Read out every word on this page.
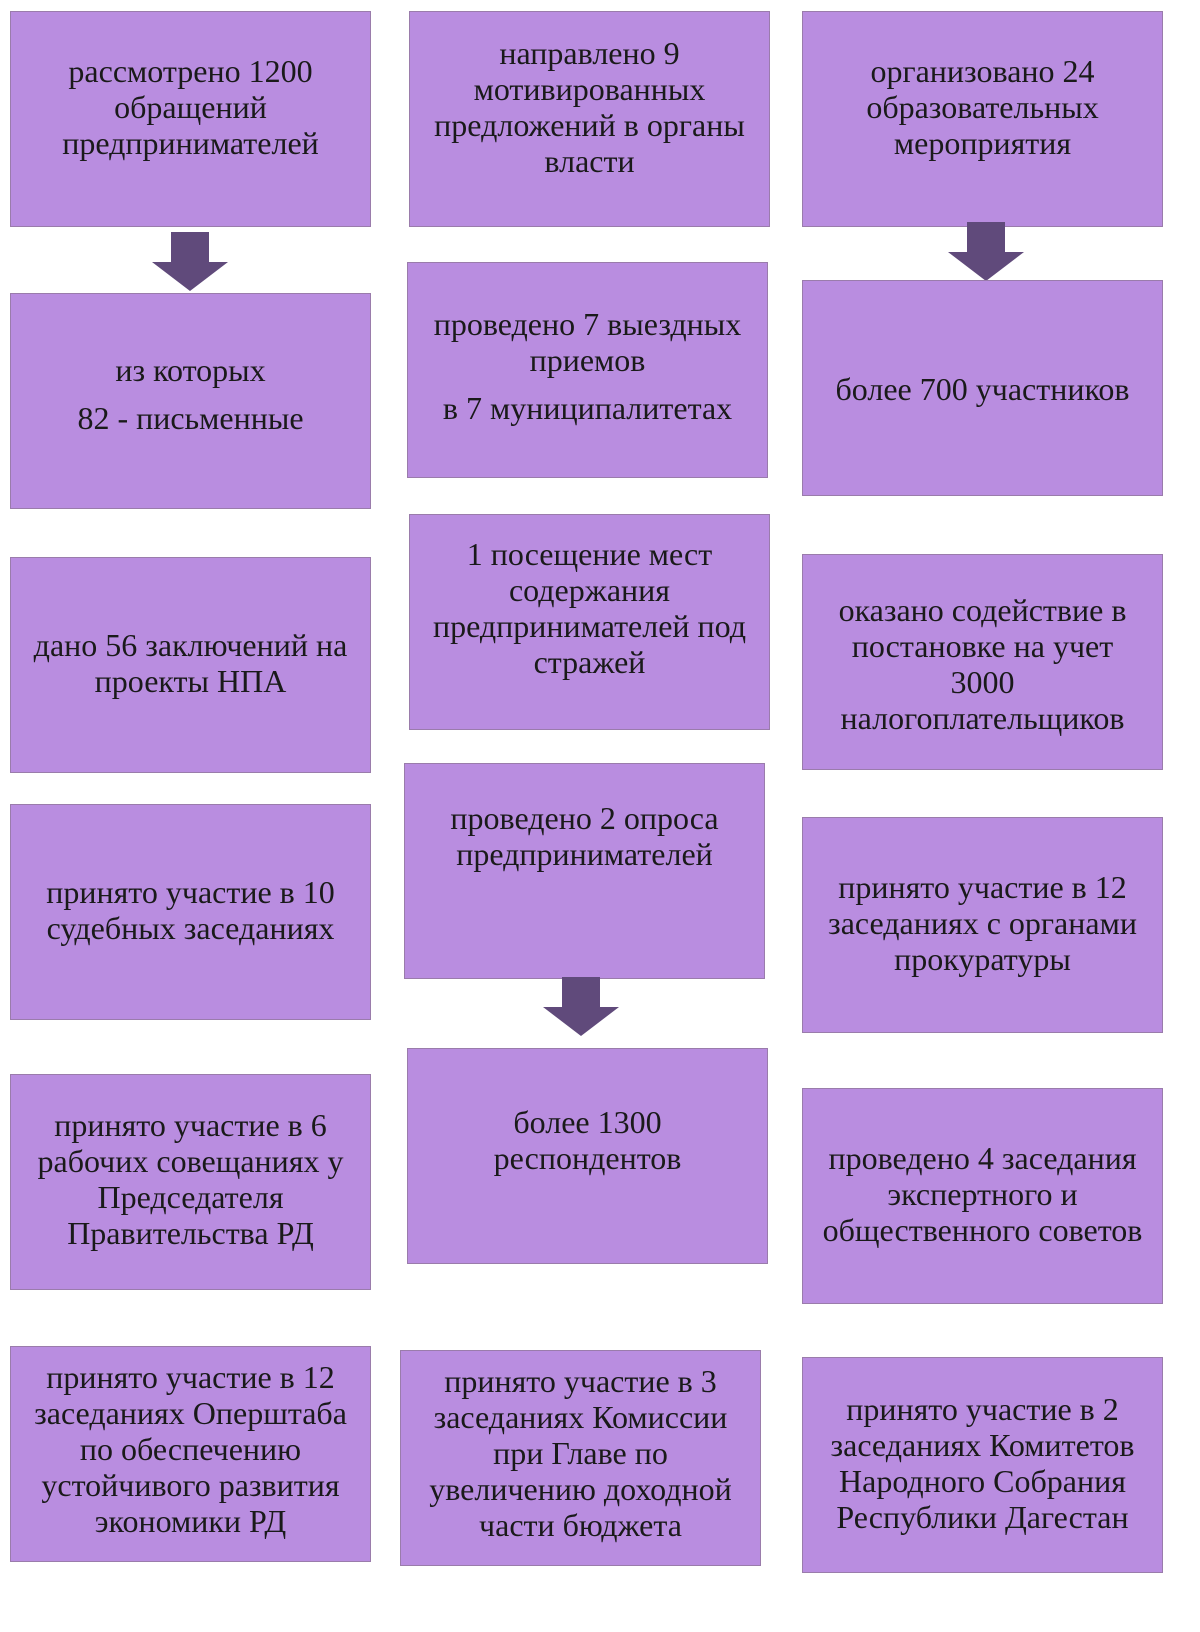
рассмотрено 1200
обращений
предпринимателей
из которых
82 - письменные
дано 56 заключений на
проекты НПА
принято участие в 10
судебных заседаниях
принято участие в 6
рабочих совещаниях у
Председателя
Правительства РД
принято участие в 12
заседаниях Оперштаба
по обеспечению
устойчивого развития
экономики РД
направлено 9
мотивированных
предложений в органы
власти
проведено 7 выездных
приемов
в 7 муниципалитетах
1 посещение мест
содержания
предпринимателей под
стражей
проведено 2 опроса
предпринимателей
более 1300
респондентов
принято участие в 3
заседаниях Комиссии
при Главе по
увеличению доходной
части бюджета
организовано 24
образовательных
мероприятия
более 700 участников
оказано содействие в
постановке на учет
3000
налогоплательщиков
принято участие в 12
заседаниях с органами
прокуратуры
проведено 4 заседания
экспертного и
общественного советов
принято участие в 2
заседаниях Комитетов
Народного Собрания
Республики Дагестан
